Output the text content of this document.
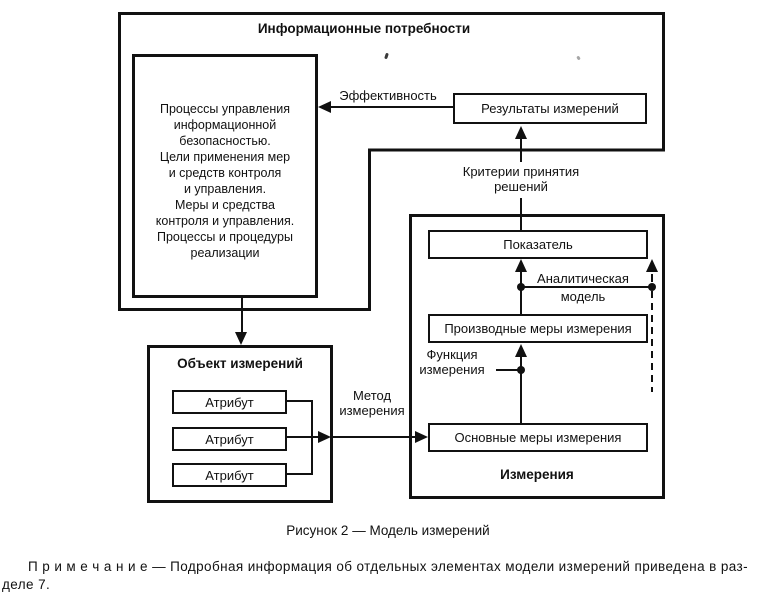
Информационные потребности
Процессы управления
информационной
безопасностью.
Цели применения мер
и средств контроля
и управления.
Меры и средства
контроля и управления.
Процессы и процедуры
реализации
Результаты измерений
Эффективность
Критерии принятия
решений
Измерения
Показатель
Аналитическая
модель
Производные меры измерения
Функция
измерения
Основные меры измерения
Объект измерений
Атрибут
Атрибут
Атрибут
Метод
измерения
Рисунок 2 — Модель измерений
П р и м е ч а н и е — Подробная информация об отдельных элементах модели измерений приведена в раз-
деле 7.
